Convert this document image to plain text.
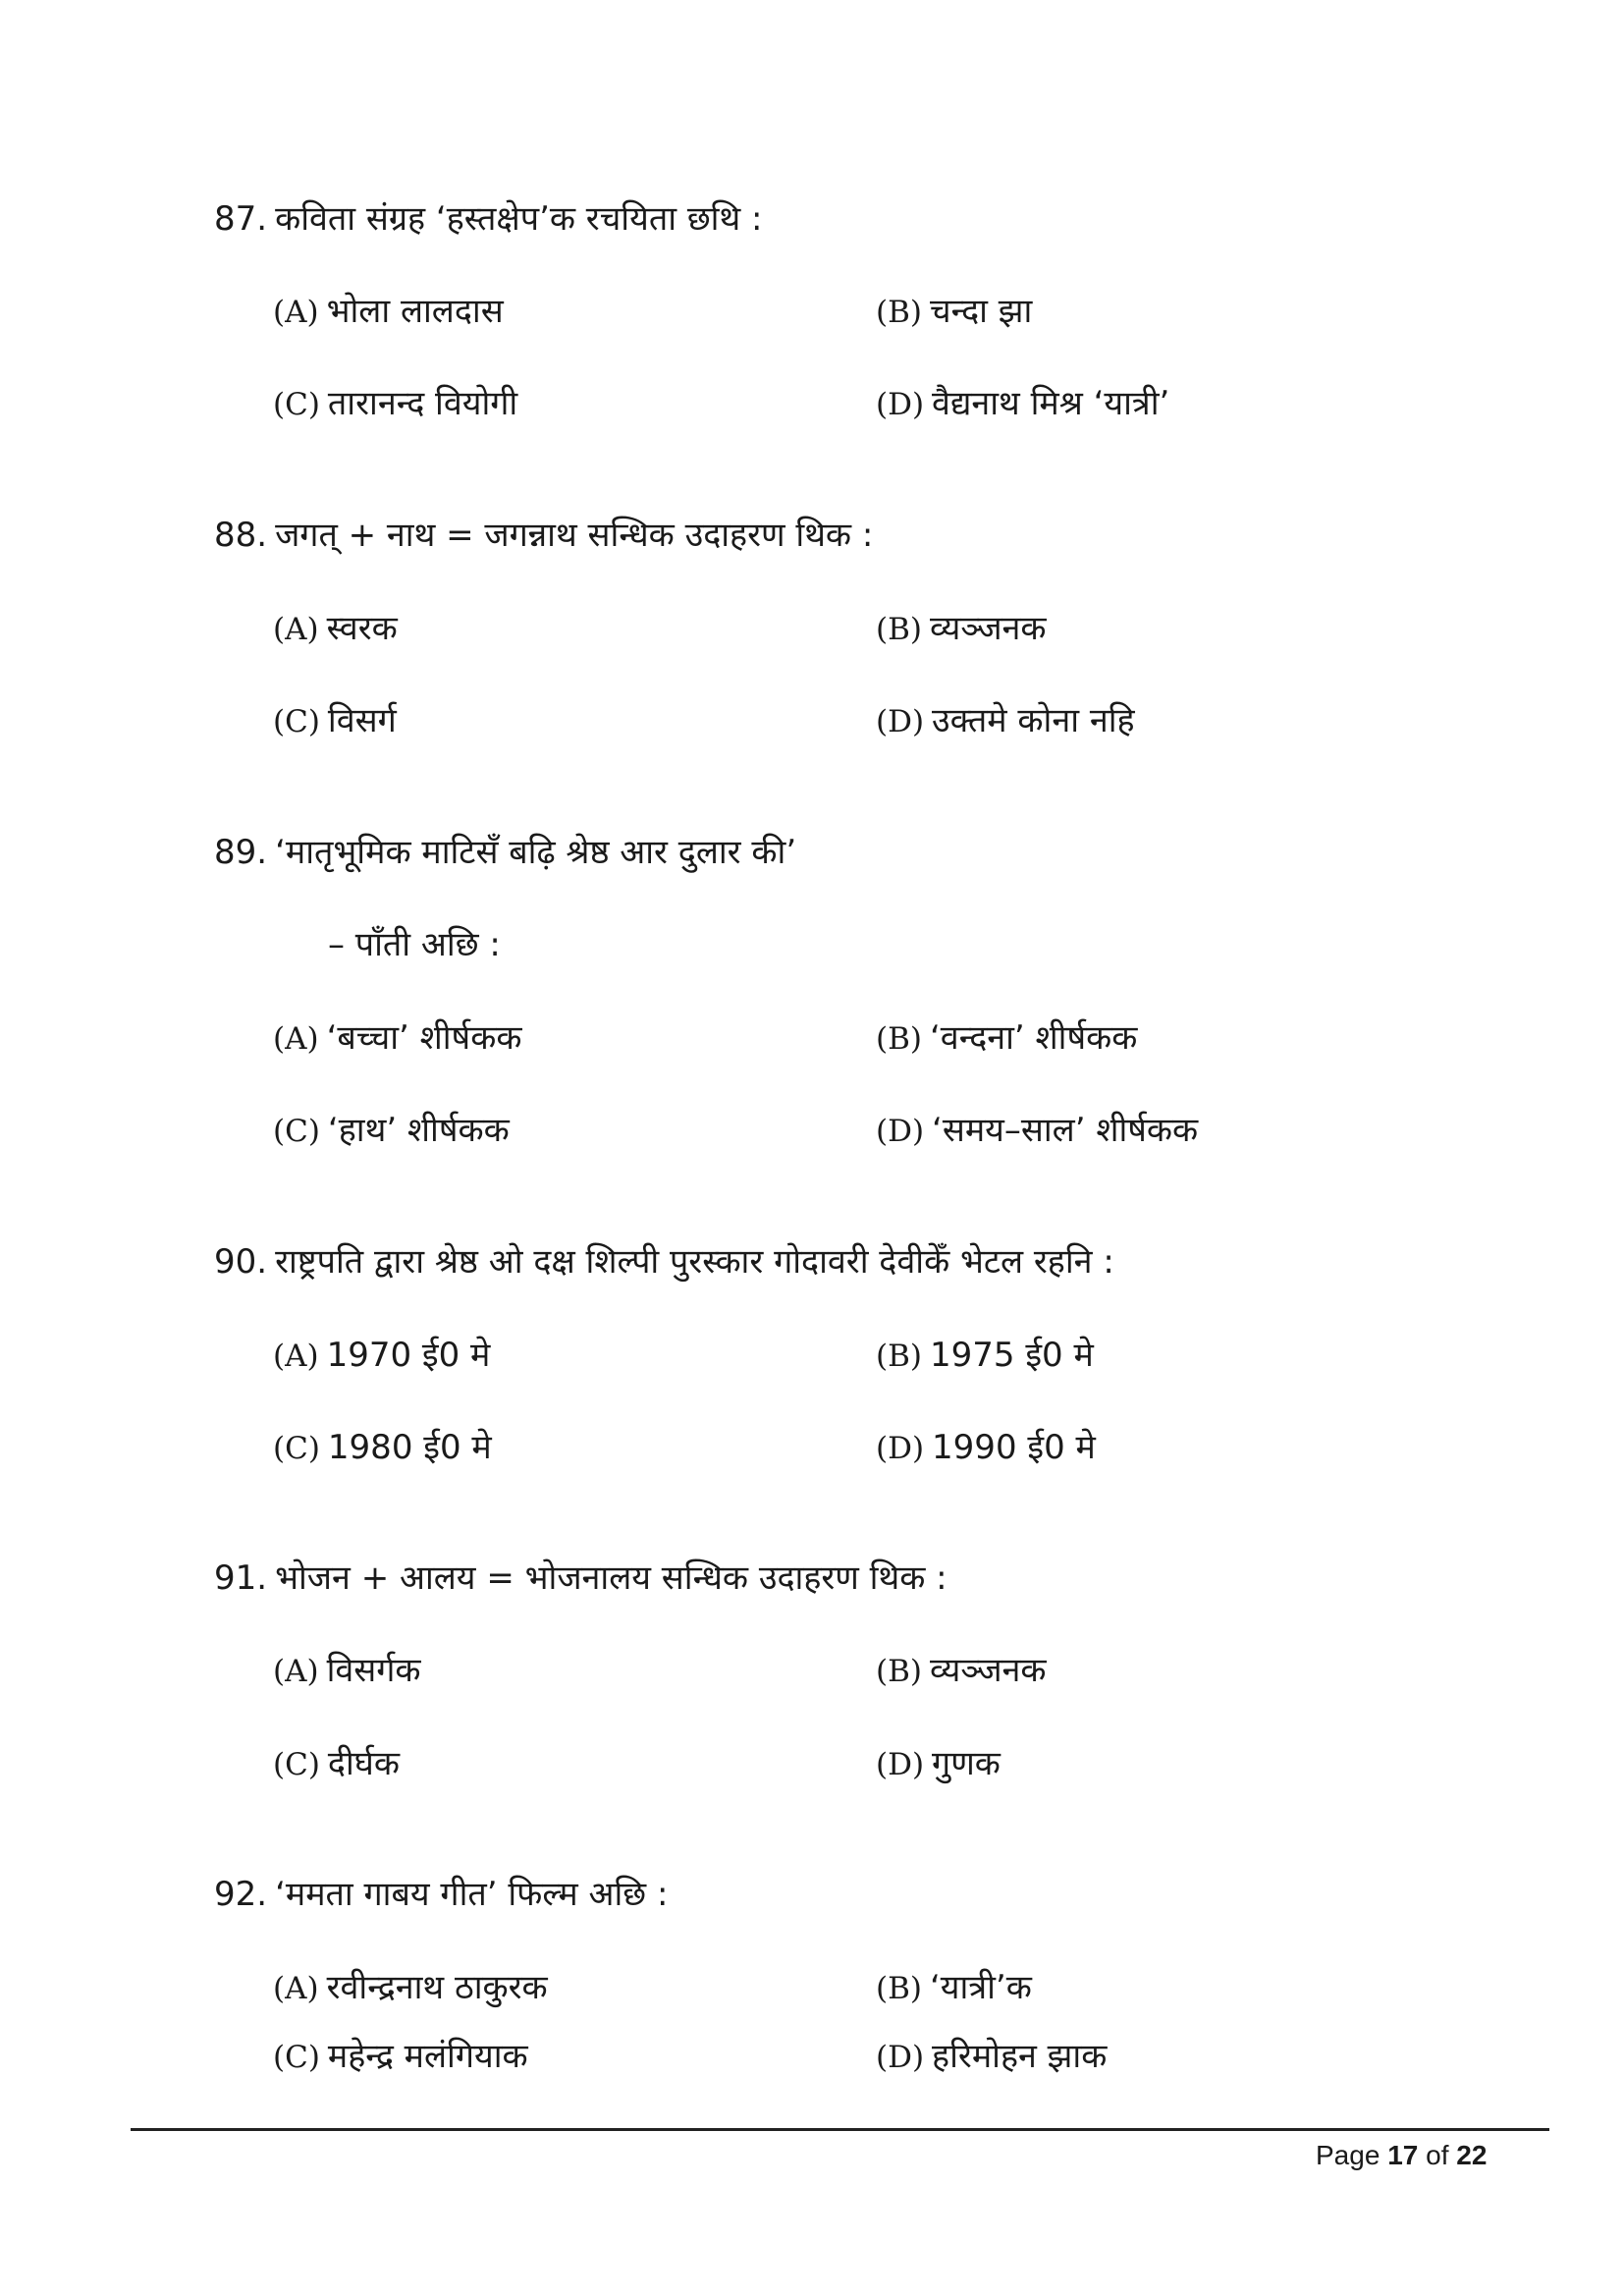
87. कविता संग्रह ‘हस्तक्षेप’क रचयिता छथि :
(A) भोला लालदास	(B) चन्दा झा
(C) तारानन्द वियोगी	(D) वैद्यनाथ मिश्र ‘यात्री’
88. जगत् + नाथ = जगन्नाथ सन्धिक उदाहरण थिक :
(A) स्वरक	(B) व्यञ्जनक
(C) विसर्ग	(D) उक्तमे कोना नहि
89. ‘मातृभूमिक माटिसँ बढ़ि श्रेष्ठ आर दुलार की’
– पाँती अछि :
(A) ‘बच्चा’ शीर्षकक	(B) ‘वन्दना’ शीर्षकक
(C) ‘हाथ’ शीर्षकक	(D) ‘समय–साल’ शीर्षकक
90. राष्ट्रपति द्वारा श्रेष्ठ ओ दक्ष शिल्पी पुरस्कार गोदावरी देवीकेँ भेटल रहनि :
(A) 1970 ई0 मे	(B) 1975 ई0 मे
(C) 1980 ई0 मे	(D) 1990 ई0 मे
91. भोजन + आलय = भोजनालय सन्धिक उदाहरण थिक :
(A) विसर्गक	(B) व्यञ्जनक
(C) दीर्घक	(D) गुणक
92. ‘ममता गाबय गीत’ फिल्म अछि :
(A) रवीन्द्रनाथ ठाकुरक	(B) ‘यात्री’क
(C) महेन्द्र मलंगियाक	(D) हरिमोहन झाक
Page 17 of 22
